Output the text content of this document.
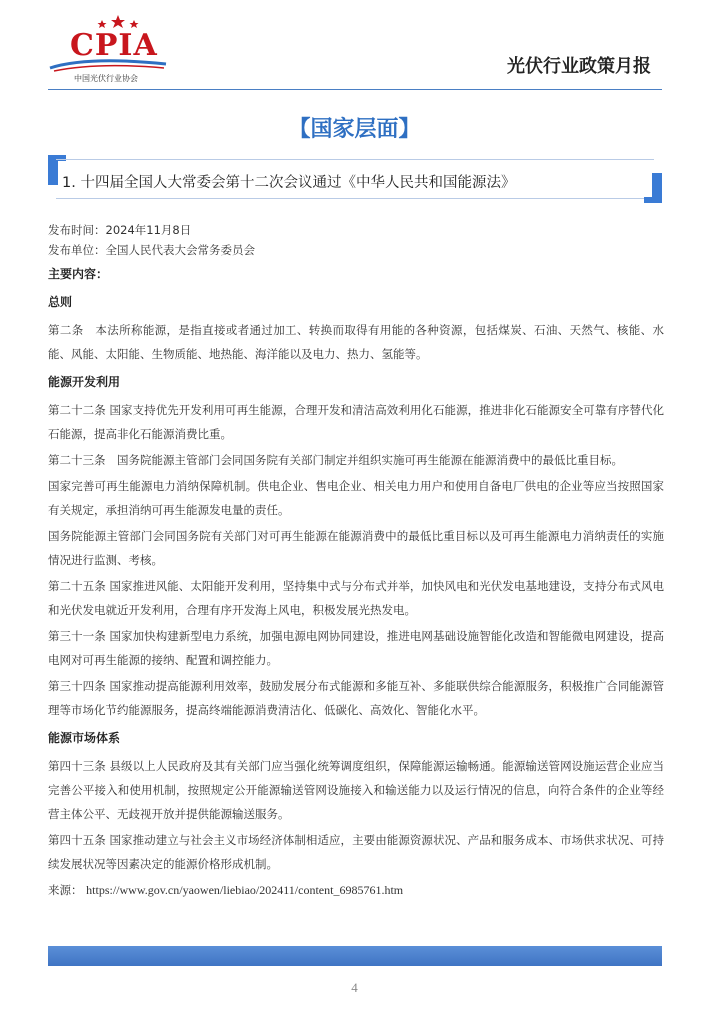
CPIA
中国光伏行业协会
光伏行业政策月报
【国家层面】
1. 十四届全国人大常委会第十二次会议通过《中华人民共和国能源法》
发布时间：2024年11月8日
发布单位：全国人民代表大会常务委员会
主要内容：
总则
第二条　本法所称能源，是指直接或者通过加工、转换而取得有用能的各种资源，包括煤炭、石油、天然气、核能、水能、风能、太阳能、生物质能、地热能、海洋能以及电力、热力、氢能等。
能源开发利用
第二十二条 国家支持优先开发利用可再生能源，合理开发和清洁高效利用化石能源，推进非化石能源安全可靠有序替代化石能源，提高非化石能源消费比重。
第二十三条　国务院能源主管部门会同国务院有关部门制定并组织实施可再生能源在能源消费中的最低比重目标。
国家完善可再生能源电力消纳保障机制。供电企业、售电企业、相关电力用户和使用自备电厂供电的企业等应当按照国家有关规定，承担消纳可再生能源发电量的责任。
国务院能源主管部门会同国务院有关部门对可再生能源在能源消费中的最低比重目标以及可再生能源电力消纳责任的实施情况进行监测、考核。
第二十五条 国家推进风能、太阳能开发利用，坚持集中式与分布式并举，加快风电和光伏发电基地建设，支持分布式风电和光伏发电就近开发利用，合理有序开发海上风电，积极发展光热发电。
第三十一条 国家加快构建新型电力系统，加强电源电网协同建设，推进电网基础设施智能化改造和智能微电网建设，提高电网对可再生能源的接纳、配置和调控能力。
第三十四条 国家推动提高能源利用效率，鼓励发展分布式能源和多能互补、多能联供综合能源服务，积极推广合同能源管理等市场化节约能源服务，提高终端能源消费清洁化、低碳化、高效化、智能化水平。
能源市场体系
第四十三条 县级以上人民政府及其有关部门应当强化统筹调度组织，保障能源运输畅通。能源输送管网设施运营企业应当完善公平接入和使用机制，按照规定公开能源输送管网设施接入和输送能力以及运行情况的信息，向符合条件的企业等经营主体公平、无歧视开放并提供能源输送服务。
第四十五条 国家推动建立与社会主义市场经济体制相适应，主要由能源资源状况、产品和服务成本、市场供求状况、可持续发展状况等因素决定的能源价格形成机制。
来源： https://www.gov.cn/yaowen/liebiao/202411/content_6985761.htm
4
